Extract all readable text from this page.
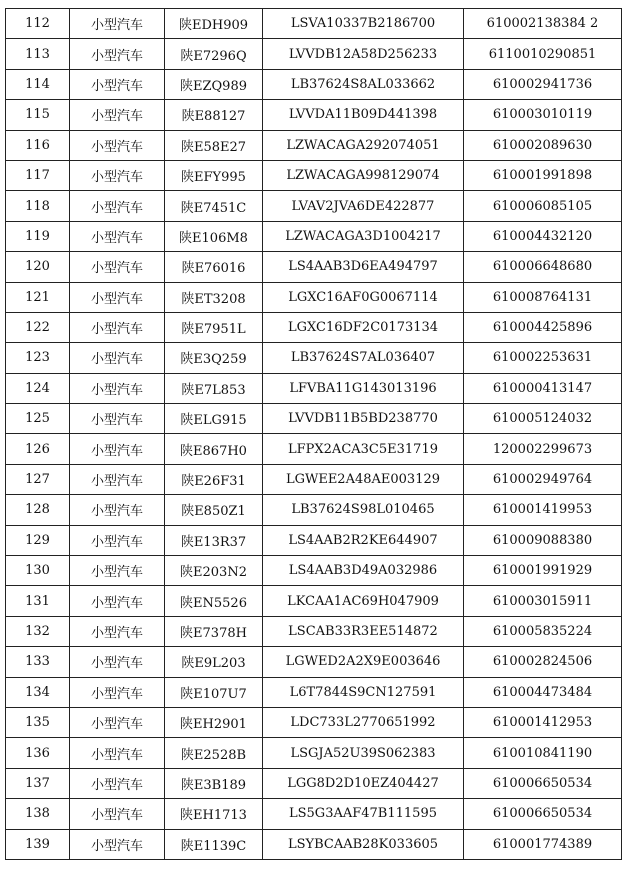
112	小型汽车	陕EDH909	LSVA10337B2186700	610002138384 2
113	小型汽车	陕E7296Q	LVVDB12A58D256233	6110010290851
114	小型汽车	陕EZQ989	LB37624S8AL033662	610002941736
115	小型汽车	陕E88127	LVVDA11B09D441398	610003010119
116	小型汽车	陕E58E27	LZWACAGA292074051	610002089630
117	小型汽车	陕EFY995	LZWACAGA998129074	610001991898
118	小型汽车	陕E7451C	LVAV2JVA6DE422877	610006085105
119	小型汽车	陕E106M8	LZWACAGA3D1004217	610004432120
120	小型汽车	陕E76016	LS4AAB3D6EA494797	610006648680
121	小型汽车	陕ET3208	LGXC16AF0G0067114	610008764131
122	小型汽车	陕E7951L	LGXC16DF2C0173134	610004425896
123	小型汽车	陕E3Q259	LB37624S7AL036407	610002253631
124	小型汽车	陕E7L853	LFVBA11G143013196	610000413147
125	小型汽车	陕ELG915	LVVDB11B5BD238770	610005124032
126	小型汽车	陕E867H0	LFPX2ACA3C5E31719	120002299673
127	小型汽车	陕E26F31	LGWEE2A48AE003129	610002949764
128	小型汽车	陕E850Z1	LB37624S98L010465	610001419953
129	小型汽车	陕E13R37	LS4AAB2R2KE644907	610009088380
130	小型汽车	陕E203N2	LS4AAB3D49A032986	610001991929
131	小型汽车	陕EN5526	LKCAA1AC69H047909	610003015911
132	小型汽车	陕E7378H	LSCAB33R3EE514872	610005835224
133	小型汽车	陕E9L203	LGWED2A2X9E003646	610002824506
134	小型汽车	陕E107U7	L6T7844S9CN127591	610004473484
135	小型汽车	陕EH2901	LDC733L2770651992	610001412953
136	小型汽车	陕E2528B	LSGJA52U39S062383	610010841190
137	小型汽车	陕E3B189	LGG8D2D10EZ404427	610006650534
138	小型汽车	陕EH1713	LS5G3AAF47B111595	610006650534
139	小型汽车	陕E1139C	LSYBCAAB28K033605	610001774389
